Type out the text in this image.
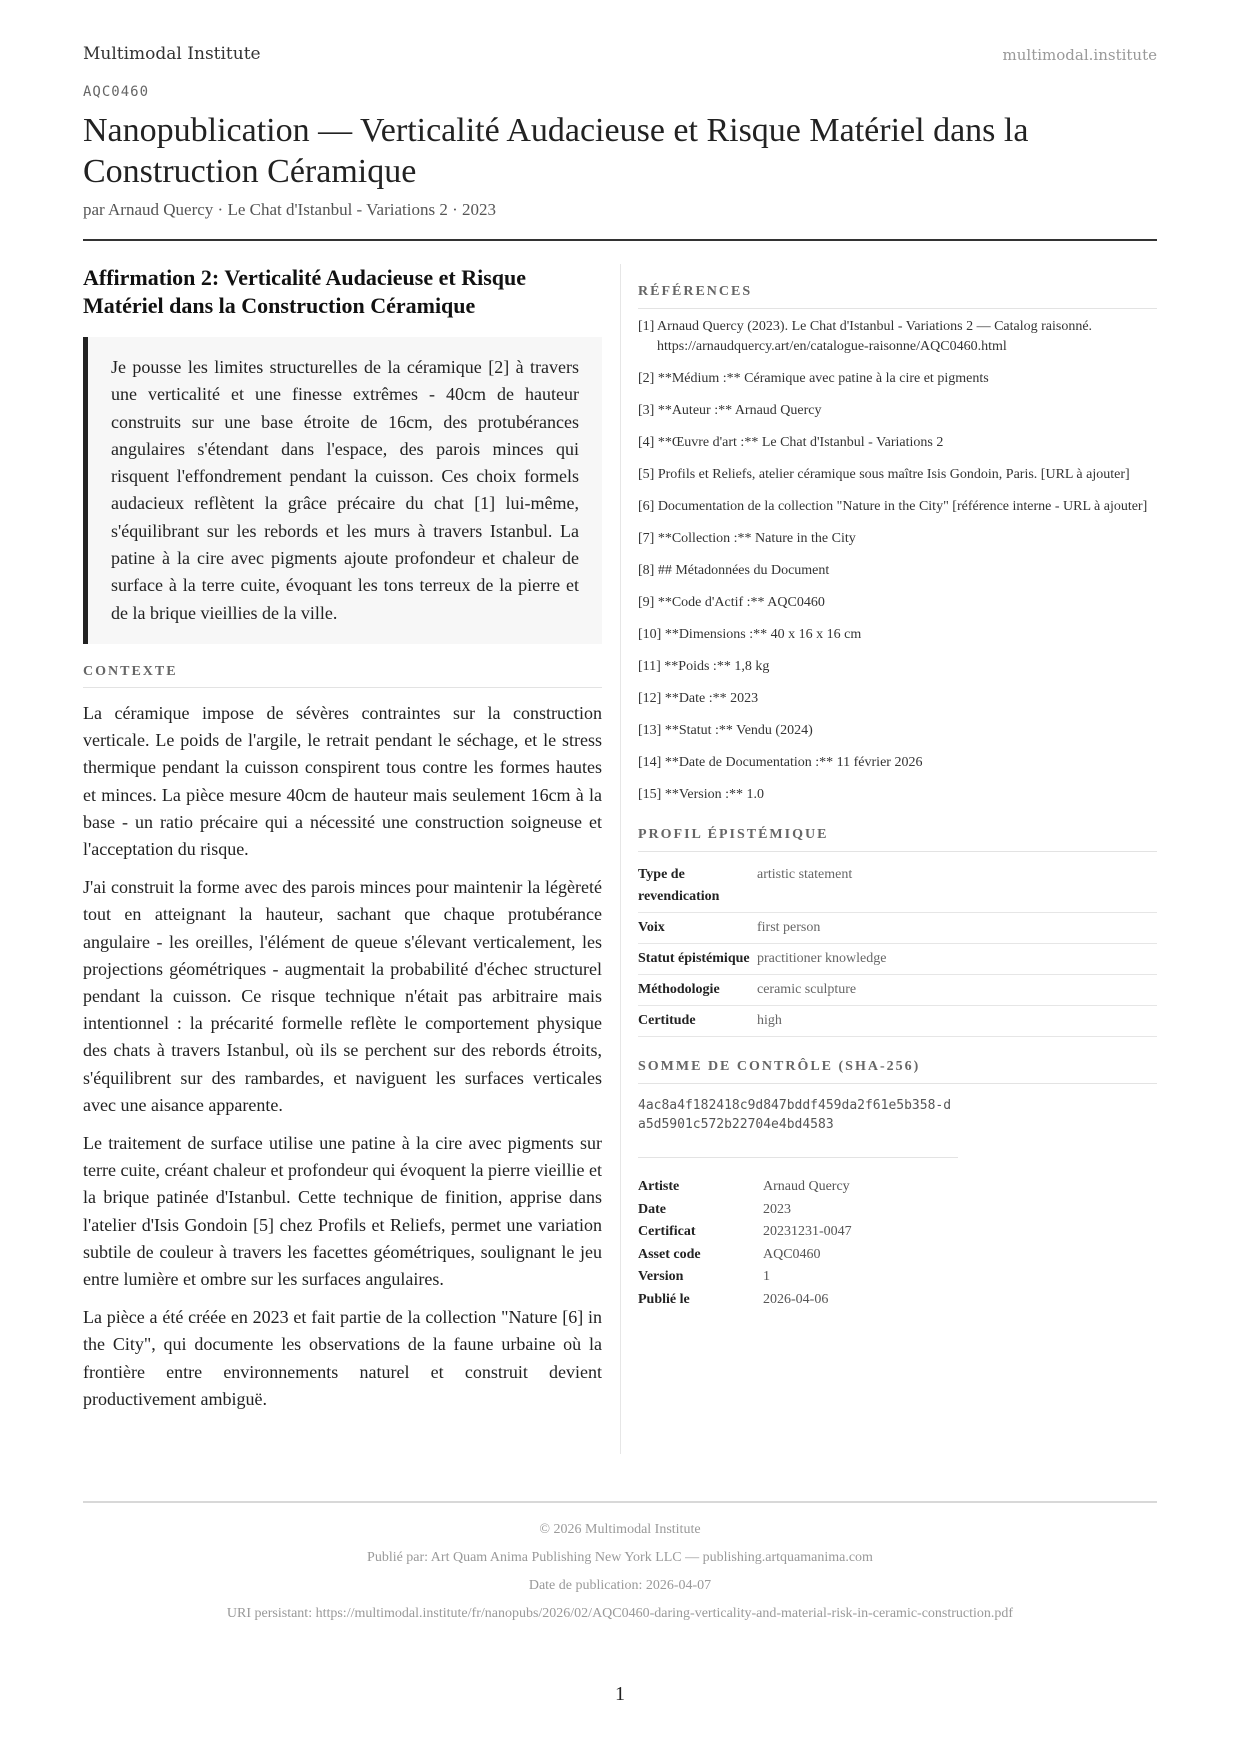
Multimodal Institute	multimodal.institute
AQC0460
Nanopublication — Verticalité Audacieuse et Risque Matériel dans la Construction Céramique
par Arnaud Quercy · Le Chat d'Istanbul - Variations 2 · 2023
Affirmation 2: Verticalité Audacieuse et Risque Matériel dans la Construction Céramique
Je pousse les limites structurelles de la céramique [2] à travers une verticalité et une finesse extrêmes - 40cm de hauteur construits sur une base étroite de 16cm, des protubérances angulaires s'étendant dans l'espace, des parois minces qui risquent l'effondrement pendant la cuisson. Ces choix formels audacieux reflètent la grâce précaire du chat [1] lui-même, s'équilibrant sur les rebords et les murs à travers Istanbul. La patine à la cire avec pigments ajoute profondeur et chaleur de surface à la terre cuite, évoquant les tons terreux de la pierre et de la brique vieillies de la ville.
CONTEXTE

La céramique impose de sévères contraintes sur la construction verticale. Le poids de l'argile, le retrait pendant le séchage, et le stress thermique pendant la cuisson conspirent tous contre les formes hautes et minces. La pièce mesure 40cm de hauteur mais seulement 16cm à la base - un ratio précaire qui a nécessité une construction soigneuse et l'acceptation du risque.

J'ai construit la forme avec des parois minces pour maintenir la légèreté tout en atteignant la hauteur, sachant que chaque protubérance angulaire - les oreilles, l'élément de queue s'élevant verticalement, les projections géométriques - augmentait la probabilité d'échec structurel pendant la cuisson. Ce risque technique n'était pas arbitraire mais intentionnel : la précarité formelle reflète le comportement physique des chats à travers Istanbul, où ils se perchent sur des rebords étroits, s'équilibrent sur des rambardes, et naviguent les surfaces verticales avec une aisance apparente.

Le traitement de surface utilise une patine à la cire avec pigments sur terre cuite, créant chaleur et profondeur qui évoquent la pierre vieillie et la brique patinée d'Istanbul. Cette technique de finition, apprise dans l'atelier d'Isis Gondoin [5] chez Profils et Reliefs, permet une variation subtile de couleur à travers les facettes géométriques, soulignant le jeu entre lumière et ombre sur les surfaces angulaires.

La pièce a été créée en 2023 et fait partie de la collection "Nature [6] in the City", qui documente les observations de la faune urbaine où la frontière entre environnements naturel et construit devient productivement ambiguë.

RÉFÉRENCES
[1] Arnaud Quercy (2023). Le Chat d'Istanbul - Variations 2 — Catalog raisonné. https://arnaudquercy.art/en/catalogue-raisonne/AQC0460.html
[2] **Médium :** Céramique avec patine à la cire et pigments
[3] **Auteur :** Arnaud Quercy
[4] **Œuvre d'art :** Le Chat d'Istanbul - Variations 2
[5] Profils et Reliefs, atelier céramique sous maître Isis Gondoin, Paris. [URL à ajouter]
[6] Documentation de la collection "Nature in the City" [référence interne - URL à ajouter]
[7] **Collection :** Nature in the City
[8] ## Métadonnées du Document
[9] **Code d'Actif :** AQC0460
[10] **Dimensions :** 40 x 16 x 16 cm
[11] **Poids :** 1,8 kg
[12] **Date :** 2023
[13] **Statut :** Vendu (2024)
[14] **Date de Documentation :** 11 février 2026
[15] **Version :** 1.0
PROFIL ÉPISTÉMIQUE
Type de revendication	artistic statement
Voix	first person
Statut épistémique	practitioner knowledge
Méthodologie	ceramic sculpture
Certitude	high
SOMME DE CONTRÔLE (SHA-256)
4ac8a4f182418c9d847bddf459da2f61e5b358-da5d5901c572b22704e4bd4583
Artiste	Arnaud Quercy
Date	2023
Certificat	20231231-0047
Asset code	AQC0460
Version	1
Publié le	2026-04-06
© 2026 Multimodal Institute
Publié par: Art Quam Anima Publishing New York LLC — publishing.artquamanima.com
Date de publication: 2026-04-07
URI persistant: https://multimodal.institute/fr/nanopubs/2026/02/AQC0460-daring-verticality-and-material-risk-in-ceramic-construction.pdf
1
